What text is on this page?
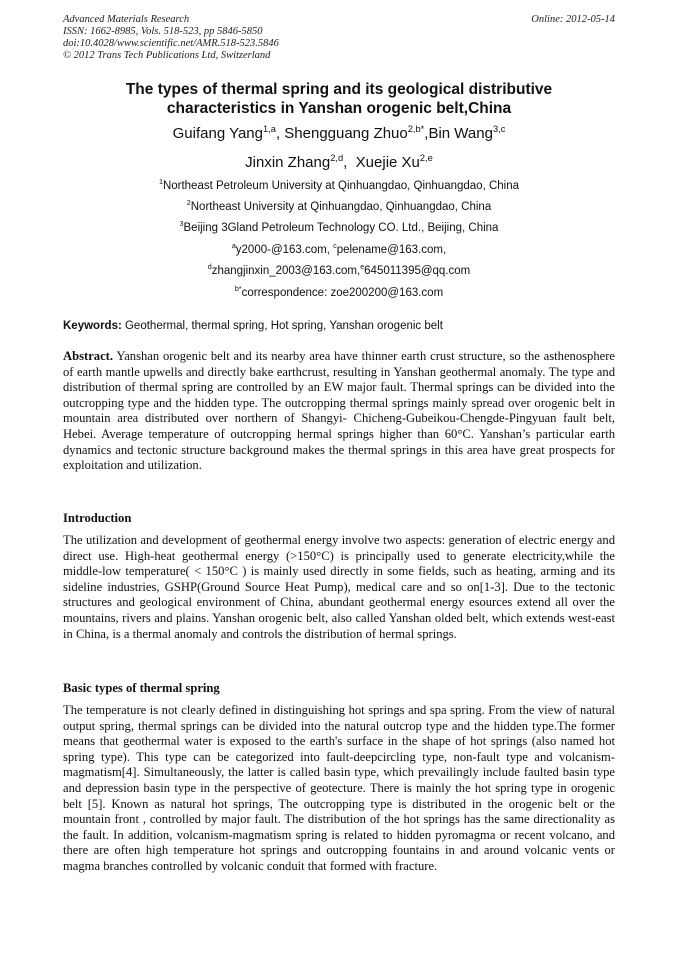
Advanced Materials Research
ISSN: 1662-8985, Vols. 518-523, pp 5846-5850
doi:10.4028/www.scientific.net/AMR.518-523.5846
© 2012 Trans Tech Publications Ltd, Switzerland
Online: 2012-05-14
The types of thermal spring and its geological distributive
characteristics in Yanshan orogenic belt,China
Guifang Yang$^{1,a}$, Shengguang Zhuo$^{2,b*}$,Bin Wang$^{3,c}$
Jinxin Zhang$^{2,d}$,  Xuejie Xu$^{2,e}$
$^1$Northeast Petroleum University at Qinhuangdao, Qinhuangdao, China
$^2$Northeast University at Qinhuangdao, Qinhuangdao, China
$^3$Beijing 3Gland Petroleum Technology CO. Ltd., Beijing, China
$^a$y2000-@163.com, $^c$pelename@163.com,
$^d$zhangjinxin_2003@163.com,$^e$645011395@qq.com
$^{b*}$correspondence: zoe200200@163.com
Keywords: Geothermal, thermal spring, Hot spring, Yanshan orogenic belt
Abstract. Yanshan orogenic belt and its nearby area have thinner earth crust structure, so the asthenosphere of earth mantle upwells and directly bake earthcrust, resulting in Yanshan geothermal anomaly. The type and distribution of thermal spring are controlled by an EW major fault. Thermal springs can be divided into the outcropping type and the hidden type. The outcropping thermal springs mainly spread over orogenic belt in mountain area distributed over northern of Shangyi- Chicheng-Gubeikou-Chengde-Pingyuan fault belt, Hebei. Average temperature of outcropping hermal springs higher than 60°C. Yanshan’s particular earth dynamics and tectonic structure background makes the thermal springs in this area have great prospects for exploitation and utilization.
Introduction
The utilization and development of geothermal energy involve two aspects: generation of electric energy and direct use. High-heat geothermal energy (>150°C) is principally used to generate electricity,while the middle-low temperature( < 150°C ) is mainly used directly in some fields, such as heating, arming and its sideline industries, GSHP(Ground Source Heat Pump), medical care and so on[1-3]. Due to the tectonic structures and geological environment of China, abundant geothermal energy esources extend all over the mountains, rivers and plains. Yanshan orogenic belt, also called Yanshan olded belt, which extends west-east in China, is a thermal anomaly and controls the distribution of hermal springs.
Basic types of thermal spring
The temperature is not clearly defined in distinguishing hot springs and spa spring. From the view of natural output spring, thermal springs can be divided into the natural outcrop type and the hidden type.The former means that geothermal water is exposed to the earth's surface in the shape of hot springs (also named hot spring type). This type can be categorized into fault-deepcircling type, non-fault type and volcanism-magmatism[4]. Simultaneously, the latter is called basin type, which prevailingly include faulted basin type and depression basin type in the perspective of geotecture. There is mainly the hot spring type in orogenic belt [5]. Known as natural hot springs, The outcropping type is distributed in the orogenic belt or the mountain front , controlled by major fault. The distribution of the hot springs has the same directionality as the fault. In addition, volcanism-magmatism spring is related to hidden pyromagma or recent volcano, and there are often high temperature hot springs and outcropping fountains in and around volcanic vents or magma branches controlled by volcanic conduit that formed with fracture.
